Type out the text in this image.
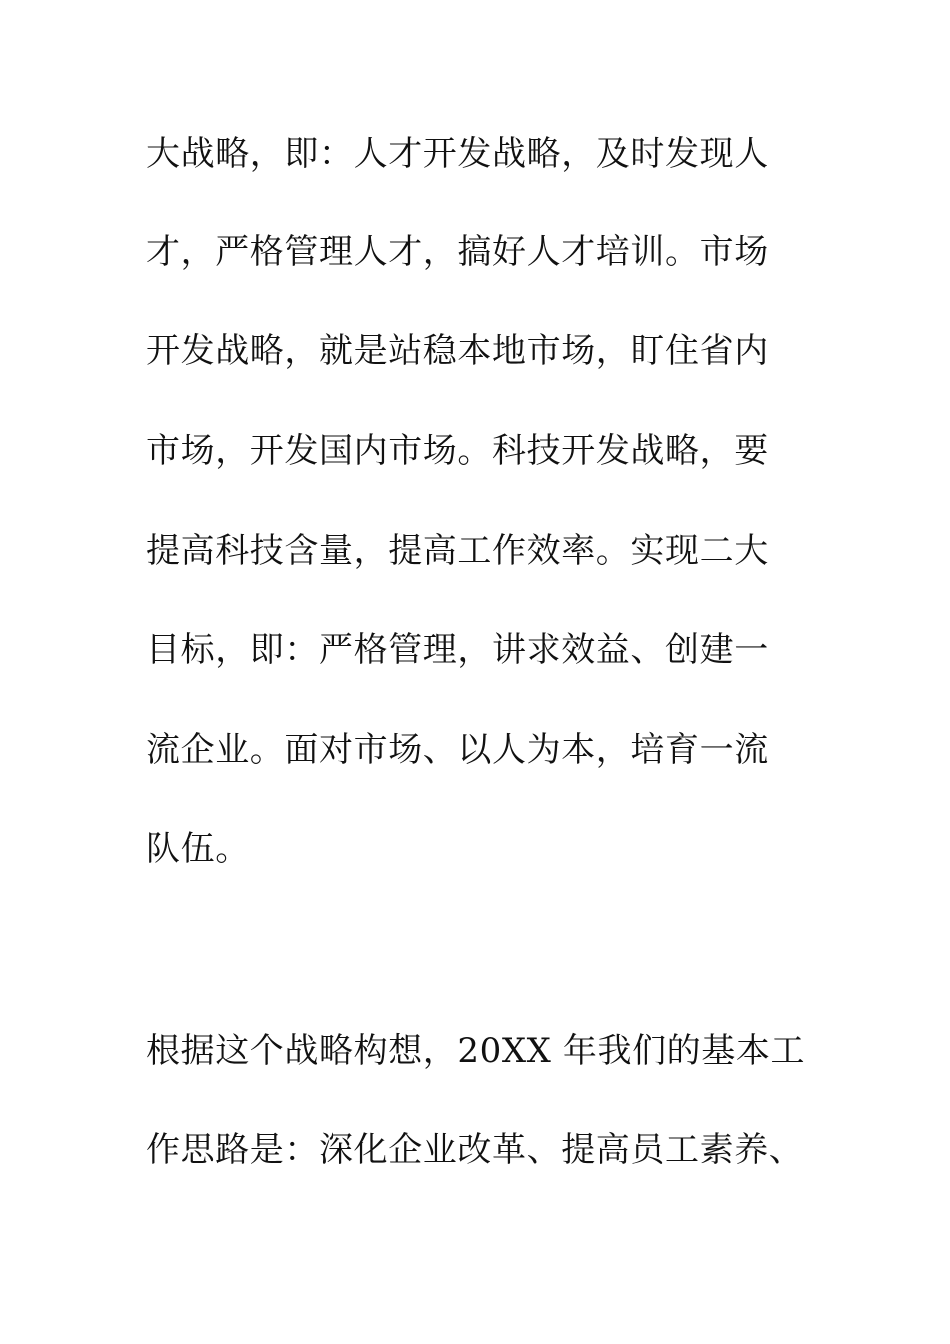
大战略，即：人才开发战略，及时发现人
才，严格管理人才，搞好人才培训。市场
开发战略，就是站稳本地市场，盯住省内
市场，开发国内市场。科技开发战略，要
提高科技含量，提高工作效率。实现二大
目标，即：严格管理，讲求效益、创建一
流企业。面对市场、以人为本，培育一流
队伍。
根据这个战略构想，20XX 年我们的基本工
作思路是：深化企业改革、提高员工素养、
